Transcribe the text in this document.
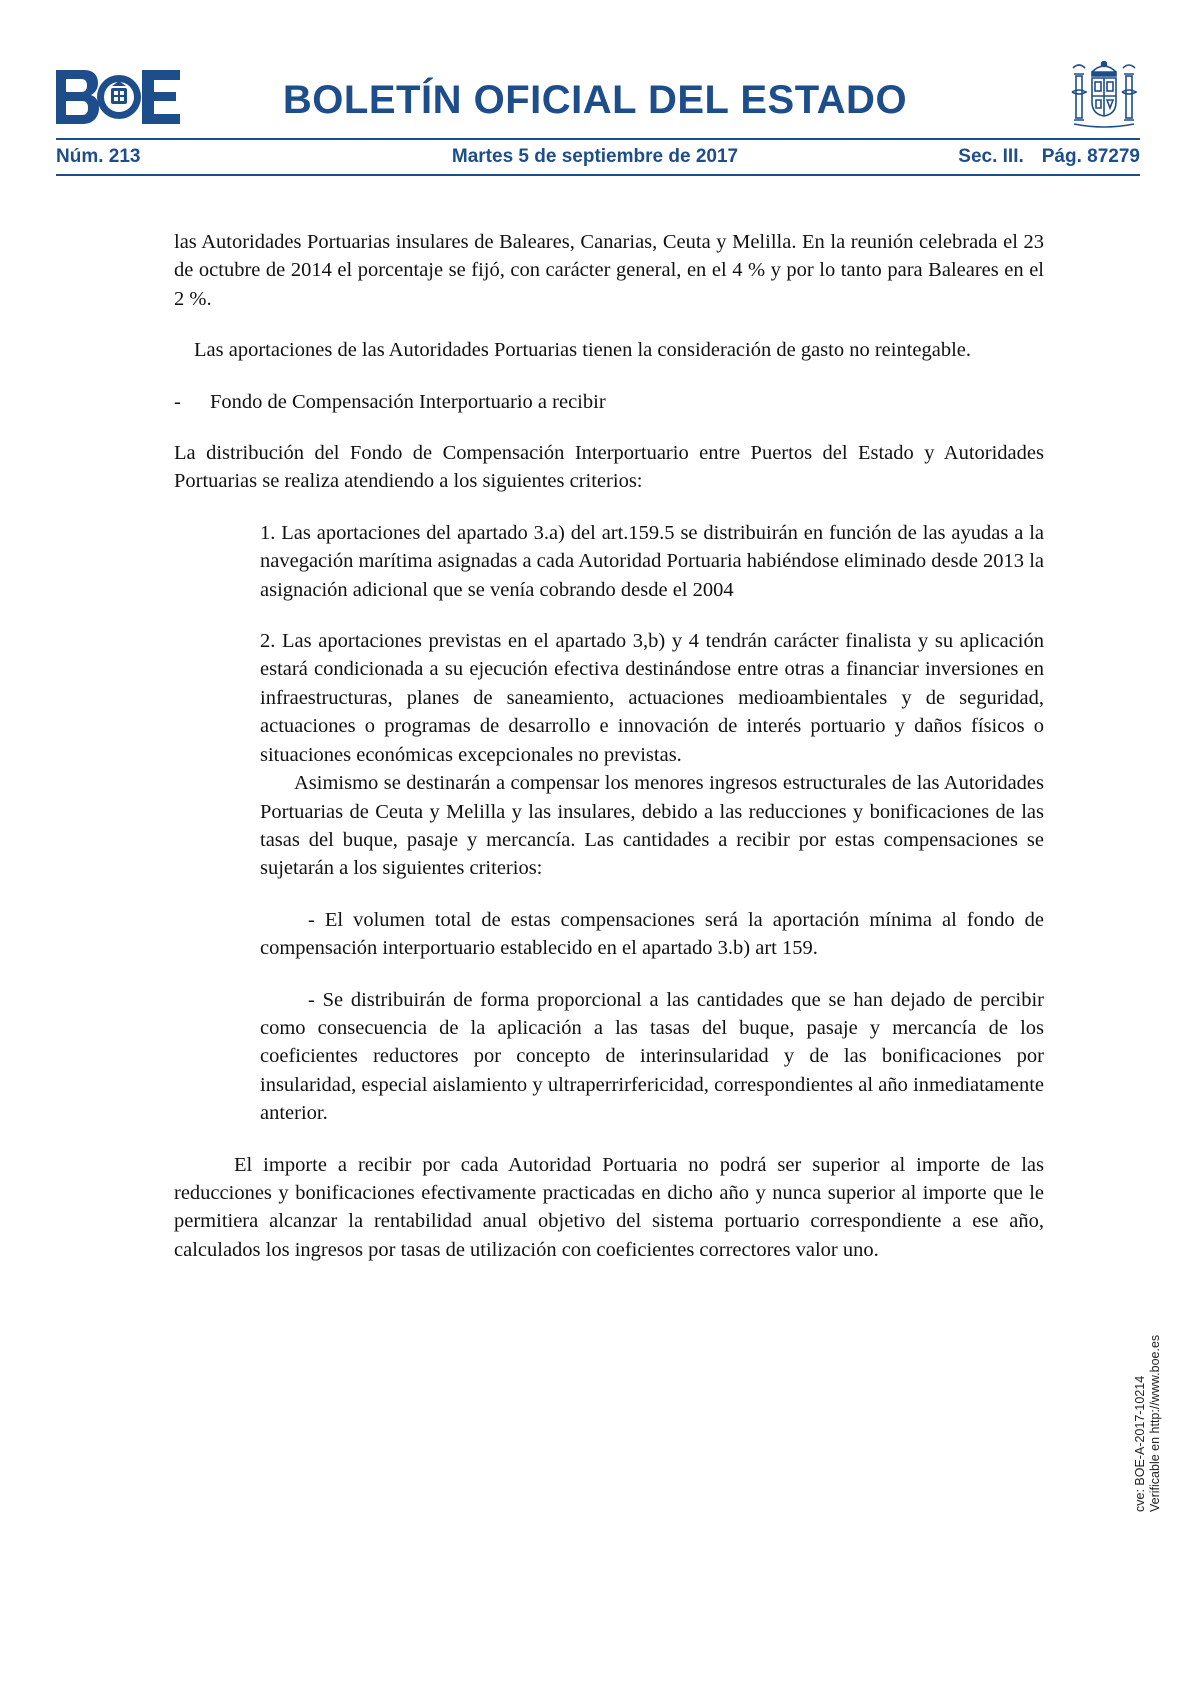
BOLETÍN OFICIAL DEL ESTADO
Núm. 213	Martes 5 de septiembre de 2017	Sec. III. Pág. 87279

las Autoridades Portuarias insulares de Baleares, Canarias, Ceuta y Melilla. En la reunión celebrada el 23 de octubre de 2014 el porcentaje se fijó, con carácter general, en el 4 % y por lo tanto para Baleares en el 2 %.

Las aportaciones de las Autoridades Portuarias tienen la consideración de gasto no reintegable.

- Fondo de Compensación Interportuario a recibir

La distribución del Fondo de Compensación Interportuario entre Puertos del Estado y Autoridades Portuarias se realiza atendiendo a los siguientes criterios:

1. Las aportaciones del apartado 3.a) del art.159.5 se distribuirán en función de las ayudas a la navegación marítima asignadas a cada Autoridad Portuaria habiéndose eliminado desde 2013 la asignación adicional que se venía cobrando desde el 2004

2. Las aportaciones previstas en el apartado 3,b) y 4 tendrán carácter finalista y su aplicación estará condicionada a su ejecución efectiva destinándose entre otras a financiar inversiones en infraestructuras, planes de saneamiento, actuaciones medioambientales y de seguridad, actuaciones o programas de desarrollo e innovación de interés portuario y daños físicos o situaciones económicas excepcionales no previstas.

Asimismo se destinarán a compensar los menores ingresos estructurales de las Autoridades Portuarias de Ceuta y Melilla y las insulares, debido a las reducciones y bonificaciones de las tasas del buque, pasaje y mercancía. Las cantidades a recibir por estas compensaciones se sujetarán a los siguientes criterios:

- El volumen total de estas compensaciones será la aportación mínima al fondo de compensación interportuario establecido en el apartado 3.b) art 159.

- Se distribuirán de forma proporcional a las cantidades que se han dejado de percibir como consecuencia de la aplicación a las tasas del buque, pasaje y mercancía de los coeficientes reductores por concepto de interinsularidad y de las bonificaciones por insularidad, especial aislamiento y ultraperrirfericidad, correspondientes al año inmediatamente anterior.

El importe a recibir por cada Autoridad Portuaria no podrá ser superior al importe de las reducciones y bonificaciones efectivamente practicadas en dicho año y nunca superior al importe que le permitiera alcanzar la rentabilidad anual objetivo del sistema portuario correspondiente a ese año, calculados los ingresos por tasas de utilización con coeficientes correctores valor uno.

cve: BOE-A-2017-10214 Verificable en http://www.boe.es
